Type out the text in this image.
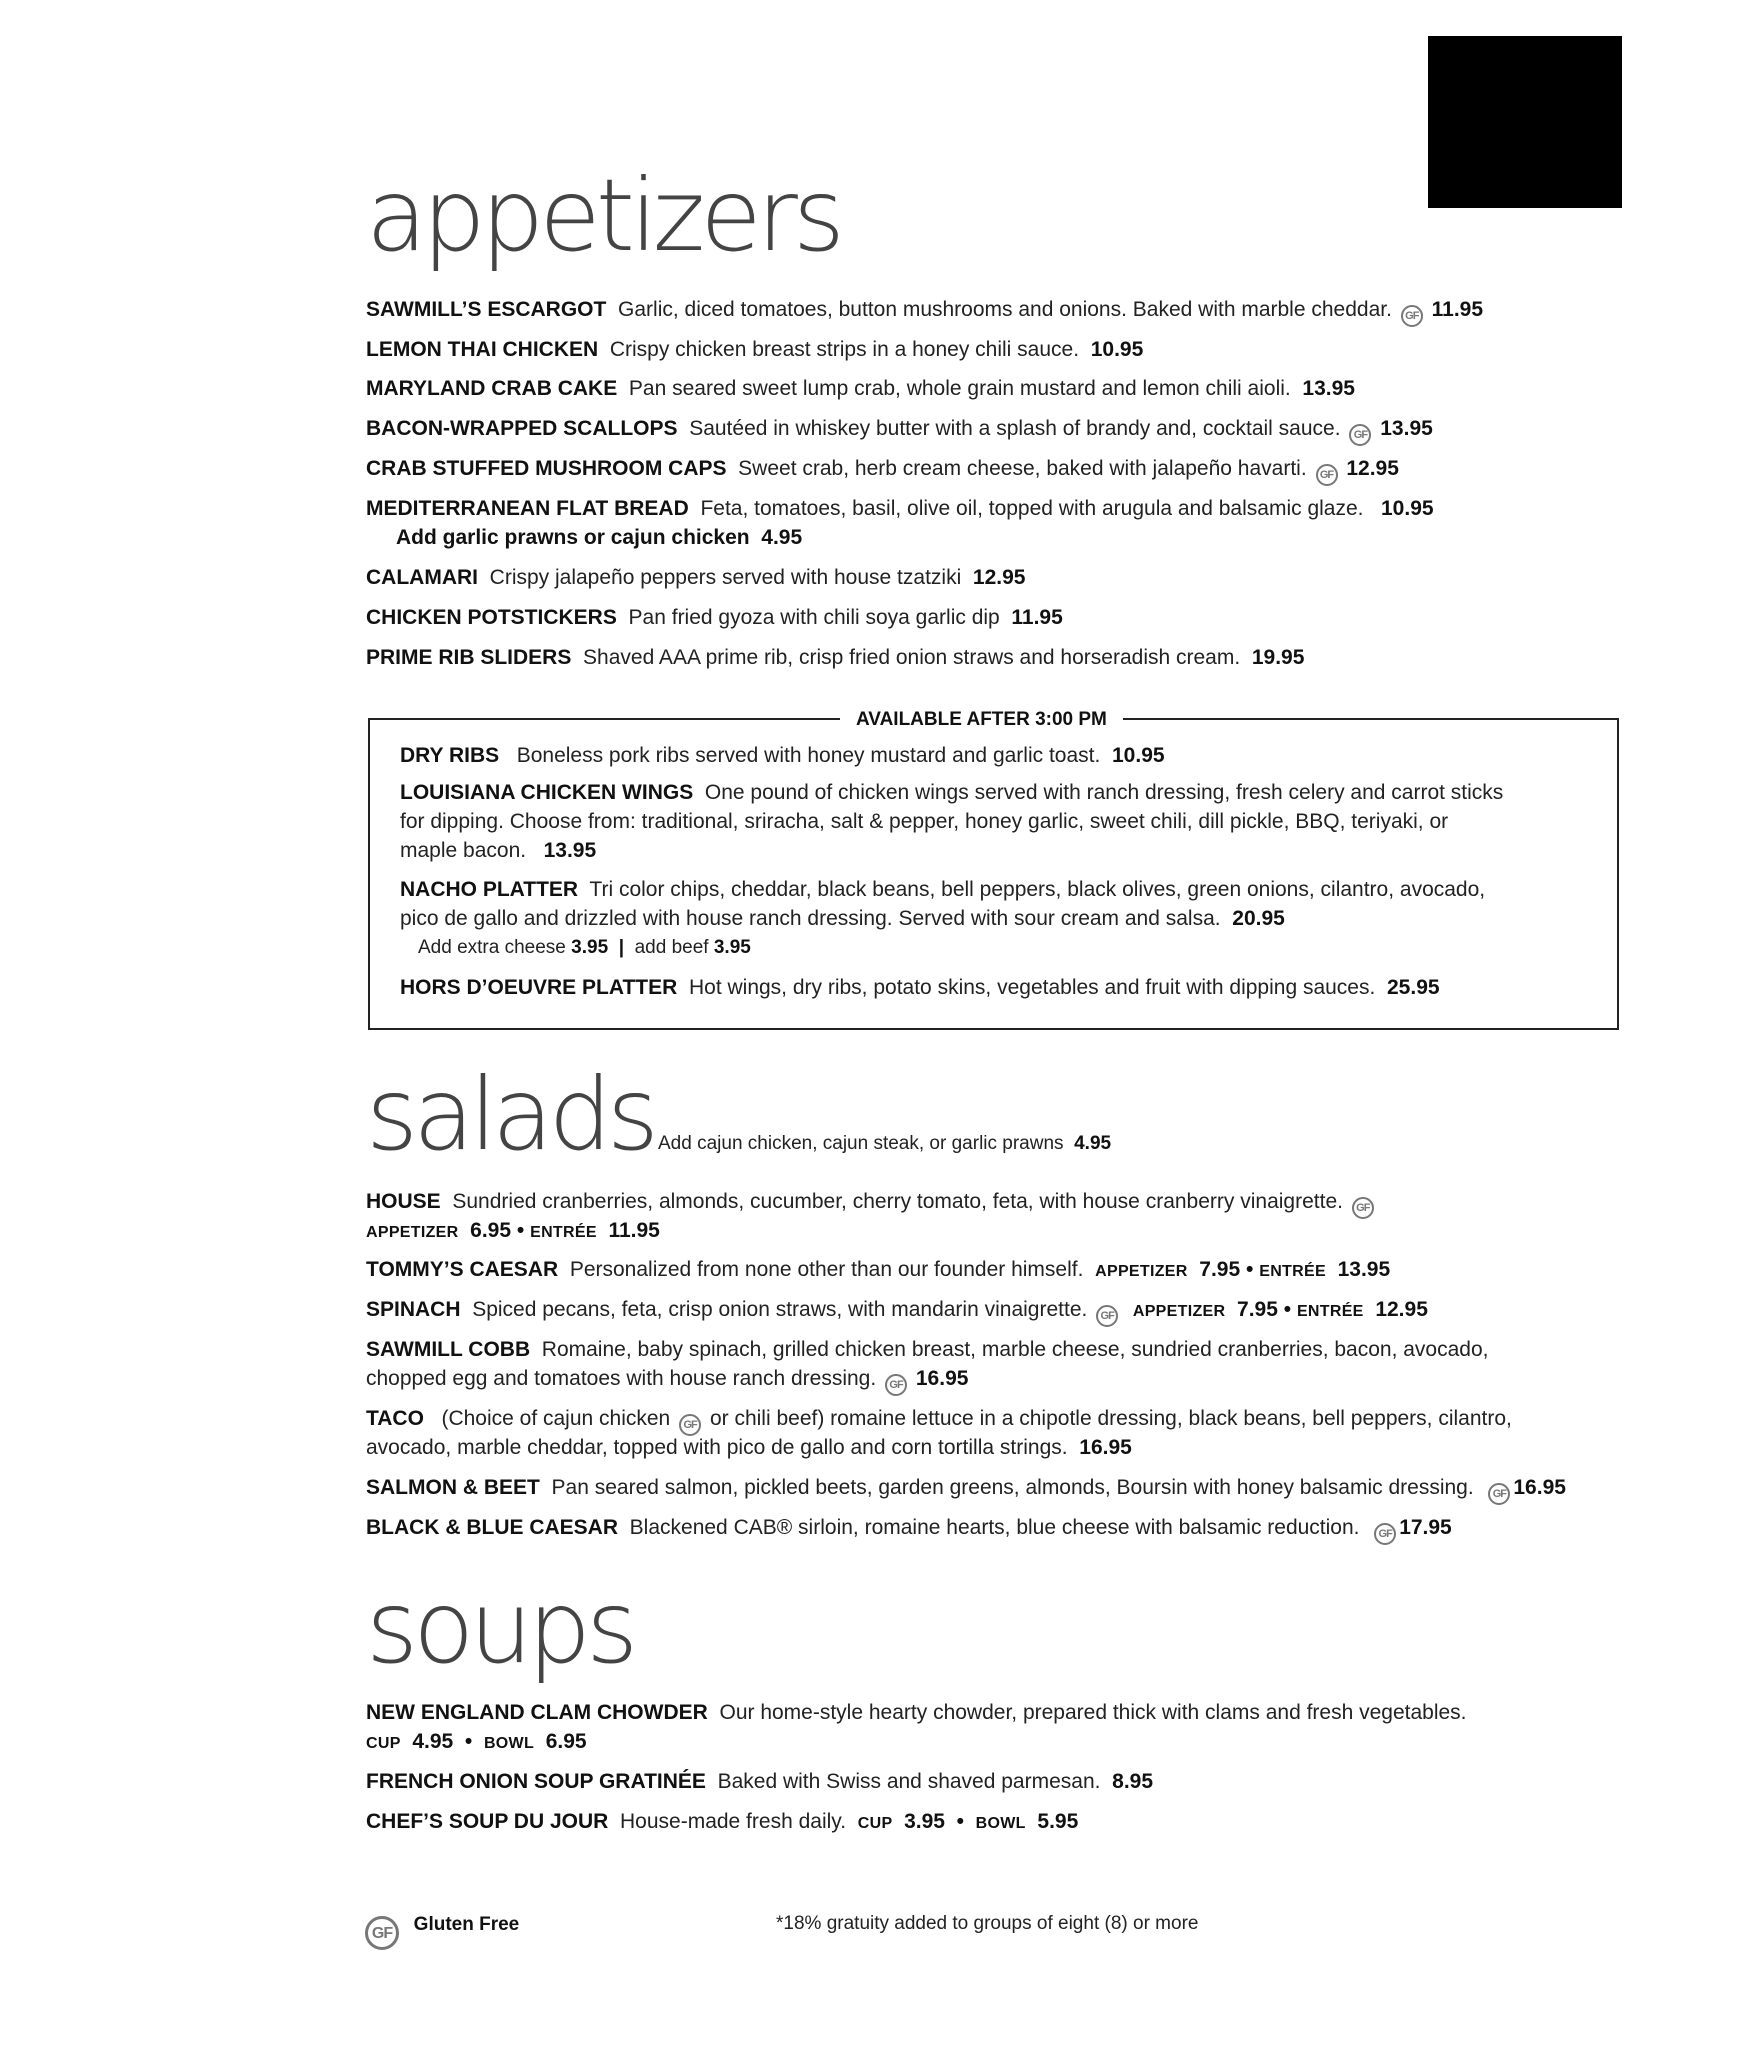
appetizers
SAWMILL’S ESCARGOT Garlic, diced tomatoes, button mushrooms and onions. Baked with marble cheddar. GF 11.95
LEMON THAI CHICKEN Crispy chicken breast strips in a honey chili sauce. 10.95
MARYLAND CRAB CAKE Pan seared sweet lump crab, whole grain mustard and lemon chili aioli. 13.95
BACON-WRAPPED SCALLOPS Sautéed in whiskey butter with a splash of brandy and, cocktail sauce. GF 13.95
CRAB STUFFED MUSHROOM CAPS Sweet crab, herb cream cheese, baked with jalapeño havarti. GF 12.95
MEDITERRANEAN FLAT BREAD Feta, tomatoes, basil, olive oil, topped with arugula and balsamic glaze. 10.95
Add garlic prawns or cajun chicken 4.95
CALAMARI Crispy jalapeño peppers served with house tzatziki 12.95
CHICKEN POTSTICKERS Pan fried gyoza with chili soya garlic dip 11.95
PRIME RIB SLIDERS Shaved AAA prime rib, crisp fried onion straws and horseradish cream. 19.95
AVAILABLE AFTER 3:00 PM
DRY RIBS Boneless pork ribs served with honey mustard and garlic toast. 10.95
LOUISIANA CHICKEN WINGS One pound of chicken wings served with ranch dressing, fresh celery and carrot sticks
for dipping. Choose from: traditional, sriracha, salt & pepper, honey garlic, sweet chili, dill pickle, BBQ, teriyaki, or
maple bacon. 13.95
NACHO PLATTER Tri color chips, cheddar, black beans, bell peppers, black olives, green onions, cilantro, avocado,
pico de gallo and drizzled with house ranch dressing. Served with sour cream and salsa. 20.95
Add extra cheese 3.95 | add beef 3.95
HORS D’OEUVRE PLATTER Hot wings, dry ribs, potato skins, vegetables and fruit with dipping sauces. 25.95
salads Add cajun chicken, cajun steak, or garlic prawns 4.95
HOUSE Sundried cranberries, almonds, cucumber, cherry tomato, feta, with house cranberry vinaigrette. GF
APPETIZER 6.95 • ENTRÉE 11.95
TOMMY’S CAESAR Personalized from none other than our founder himself. APPETIZER 7.95 • ENTRÉE 13.95
SPINACH Spiced pecans, feta, crisp onion straws, with mandarin vinaigrette. GF APPETIZER 7.95 • ENTRÉE 12.95
SAWMILL COBB Romaine, baby spinach, grilled chicken breast, marble cheese, sundried cranberries, bacon, avocado,
chopped egg and tomatoes with house ranch dressing. GF 16.95
TACO (Choice of cajun chicken GF or chili beef) romaine lettuce in a chipotle dressing, black beans, bell peppers, cilantro,
avocado, marble cheddar, topped with pico de gallo and corn tortilla strings. 16.95
SALMON & BEET Pan seared salmon, pickled beets, garden greens, almonds, Boursin with honey balsamic dressing. GF 16.95
BLACK & BLUE CAESAR Blackened CAB® sirloin, romaine hearts, blue cheese with balsamic reduction. GF 17.95
soups
NEW ENGLAND CLAM CHOWDER Our home-style hearty chowder, prepared thick with clams and fresh vegetables.
CUP 4.95 • BOWL 6.95
FRENCH ONION SOUP GRATINÉE Baked with Swiss and shaved parmesan. 8.95
CHEF’S SOUP DU JOUR House-made fresh daily. CUP 3.95 • BOWL 5.95
GF Gluten Free	*18% gratuity added to groups of eight (8) or more
